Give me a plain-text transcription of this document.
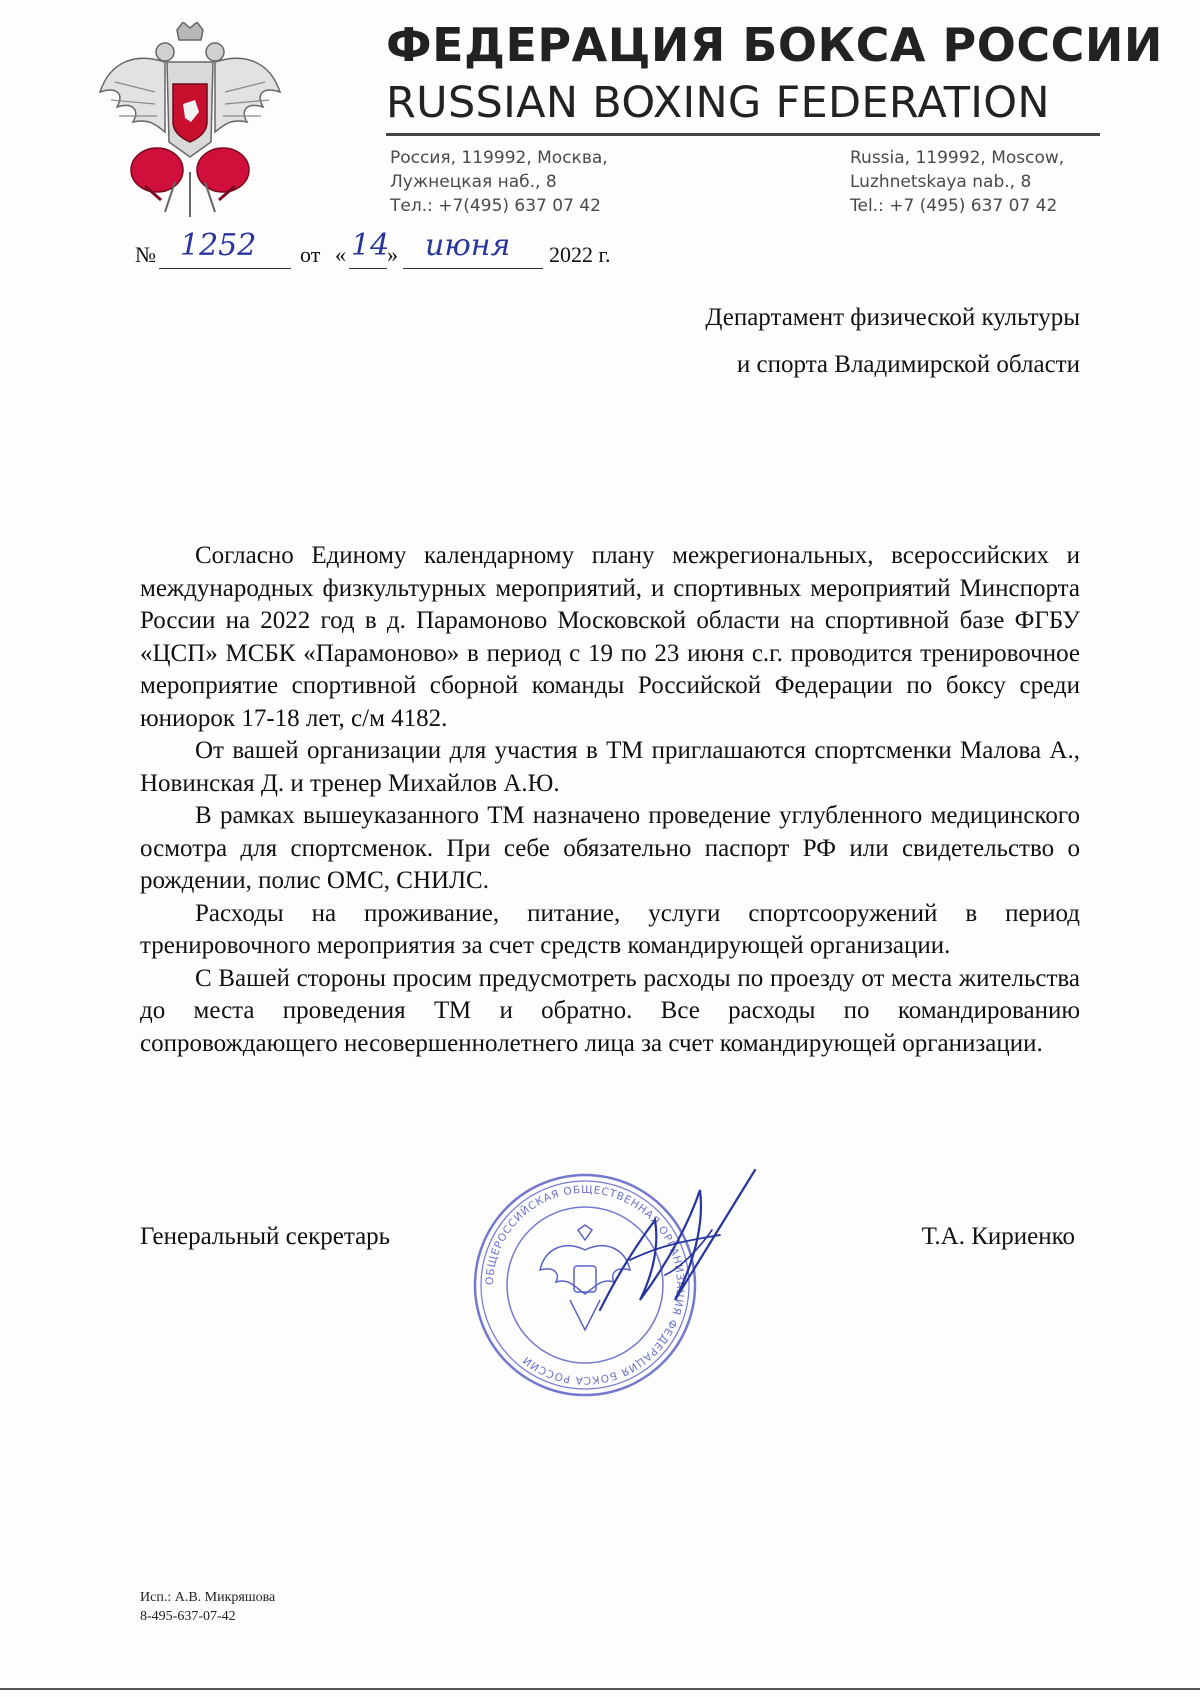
ФЕДЕРАЦИЯ БОКСА РОССИИ
RUSSIAN BOXING FEDERATION
Россия, 119992, Москва,
Лужнецкая наб., 8
Тел.: +7(495) 637 07 42
Russia, 119992, Moscow,
Luzhnetskaya nab., 8
Tel.: +7 (495) 637 07 42
№ 1252 от « 14
» июня 2022 г.
Департамент физической культуры
и спорта Владимирской области

Согласно Единому календарному плану межрегиональных, всероссийских и международных физкультурных мероприятий, и спортивных мероприятий Минспорта России на 2022 год в д. Парамоново Московской области на спортивной базе ФГБУ «ЦСП» МСБК «Парамоново» в период с 19 по 23 июня с.г. проводится тренировочное мероприятие спортивной сборной команды Российской Федерации по боксу среди юниорок 17-18 лет, с/м 4182.

От вашей организации для участия в ТМ приглашаются спортсменки Малова А., Новинская Д. и тренер Михайлов А.Ю.

В рамках вышеуказанного ТМ назначено проведение углубленного медицинского осмотра для спортсменок. При себе обязательно паспорт РФ или свидетельство о рождении, полис ОМС, СНИЛС.

Расходы на проживание, питание, услуги спортсооружений в период тренировочного мероприятия за счет средств командирующей организации.

С Вашей стороны просим предусмотреть расходы по проезду от места жительства до места проведения ТМ и обратно. Все расходы по командированию сопровождающего несовершеннолетнего лица за счет командирующей организации.

Генеральный секретарь
ОБЩЕРОССИЙСКАЯ ОБЩЕСТВЕННАЯ ОРГАНИЗАЦИЯ ФЕДЕРАЦИЯ БОКСА РОССИИ
Т.А. Кириенко
Исп.: А.В. Микряшова
8-495-637-07-42
